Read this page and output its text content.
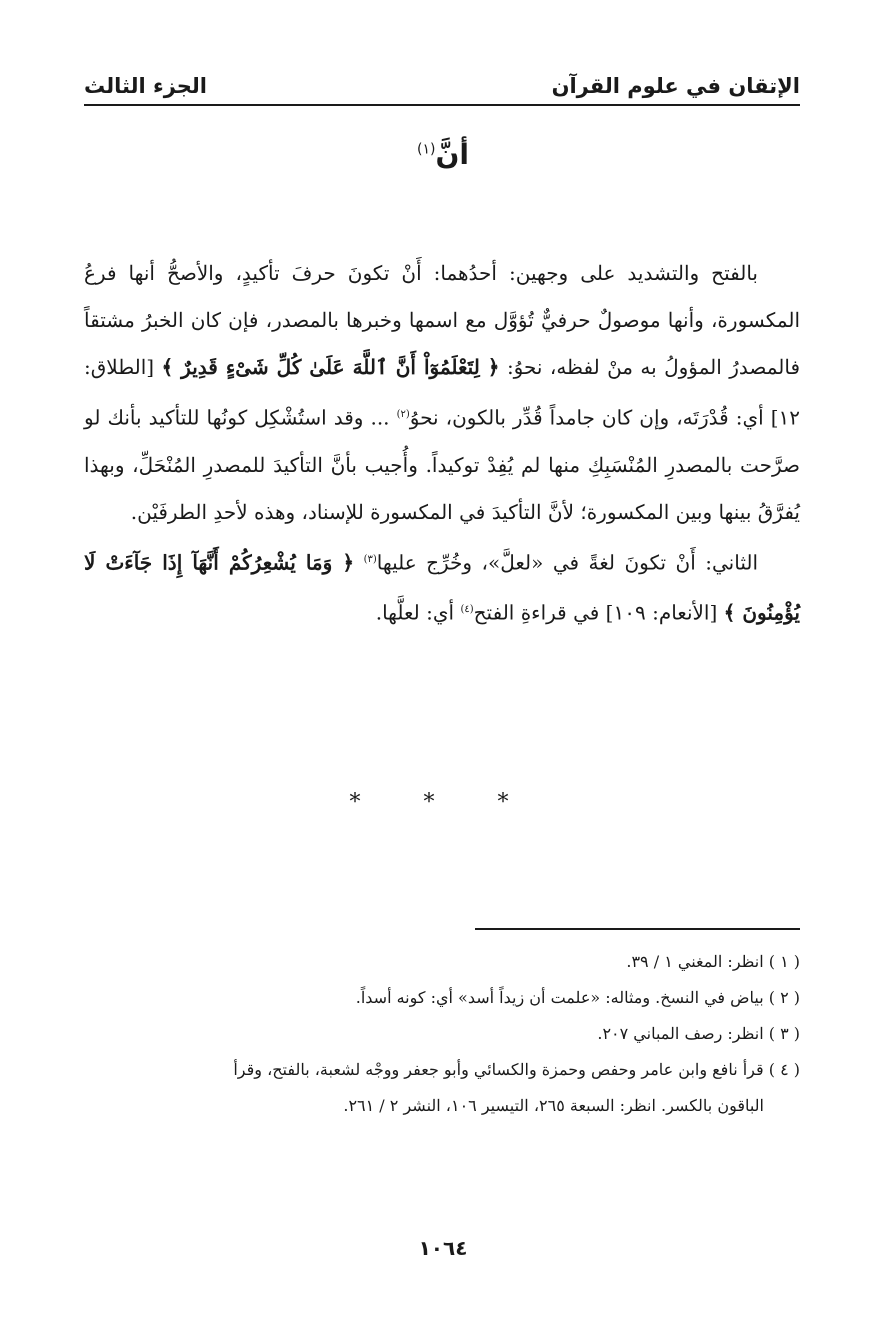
الإتقان في علوم القرآن
الجزء الثالث
أنَّ$^{(١)}$

بالفتح والتشديد على وجهين: أحدُهما: أَنْ تكونَ حرفَ تأكيدٍ، والأصحُّ أنها فرعُ المكسورة، وأنها موصولٌ حرفيٌّ تُؤوَّل مع اسمها وخبرها بالمصدر، فإن كان الخبرُ مشتقاً فالمصدرُ المؤولُ به منْ لفظه، نحوُ: ﴿ لِتَعْلَمُوٓاْ أَنَّ ٱللَّهَ عَلَىٰ كُلِّ شَىْءٍ قَدِيرٌ ﴾ [الطلاق: ١٢] أي: قُدْرَتَه، وإن كان جامداً قُدِّر بالكون، نحوُ$^{(٢)}$ ... وقد استُشْكِل كونُها للتأكيد بأنك لو صرَّحت بالمصدرِ المُنْسَبِكِ منها لم يُفِدْ توكيداً. وأُجيب بأنَّ التأكيدَ للمصدرِ المُنْحَلِّ، وبهذا يُفرَّقُ بينها وبين المكسورة؛ لأنَّ التأكيدَ في المكسورة للإسناد، وهذه لأحدِ الطرفَيْن.

الثاني: أَنْ تكونَ لغةً في «لعلَّ»، وخُرِّج عليها$^{(٣)}$ ﴿ وَمَا يُشْعِرُكُمْ أَنَّهَآ إِذَا جَآءَتْ لَا يُؤْمِنُونَ ﴾ [الأنعام: ١٠٩] في قراءةِ الفتح$^{(٤)}$ أي: لعلَّها.

* * *

( ١ ) انظر: المغني ١ / ٣٩.

( ٢ ) بياض في النسخ. ومثاله: «علمت أن زيداً أسد» أي: كونه أسداً.

( ٣ ) انظر: رصف المباني ٢٠٧.

( ٤ ) قرأ نافع وابن عامر وحفص وحمزة والكسائي وأبو جعفر ووجْه لشعبة، بالفتح، وقرأ

الباقون بالكسر. انظر: السبعة ٢٦٥، التيسير ١٠٦، النشر ٢ / ٢٦١.

١٠٦٤
